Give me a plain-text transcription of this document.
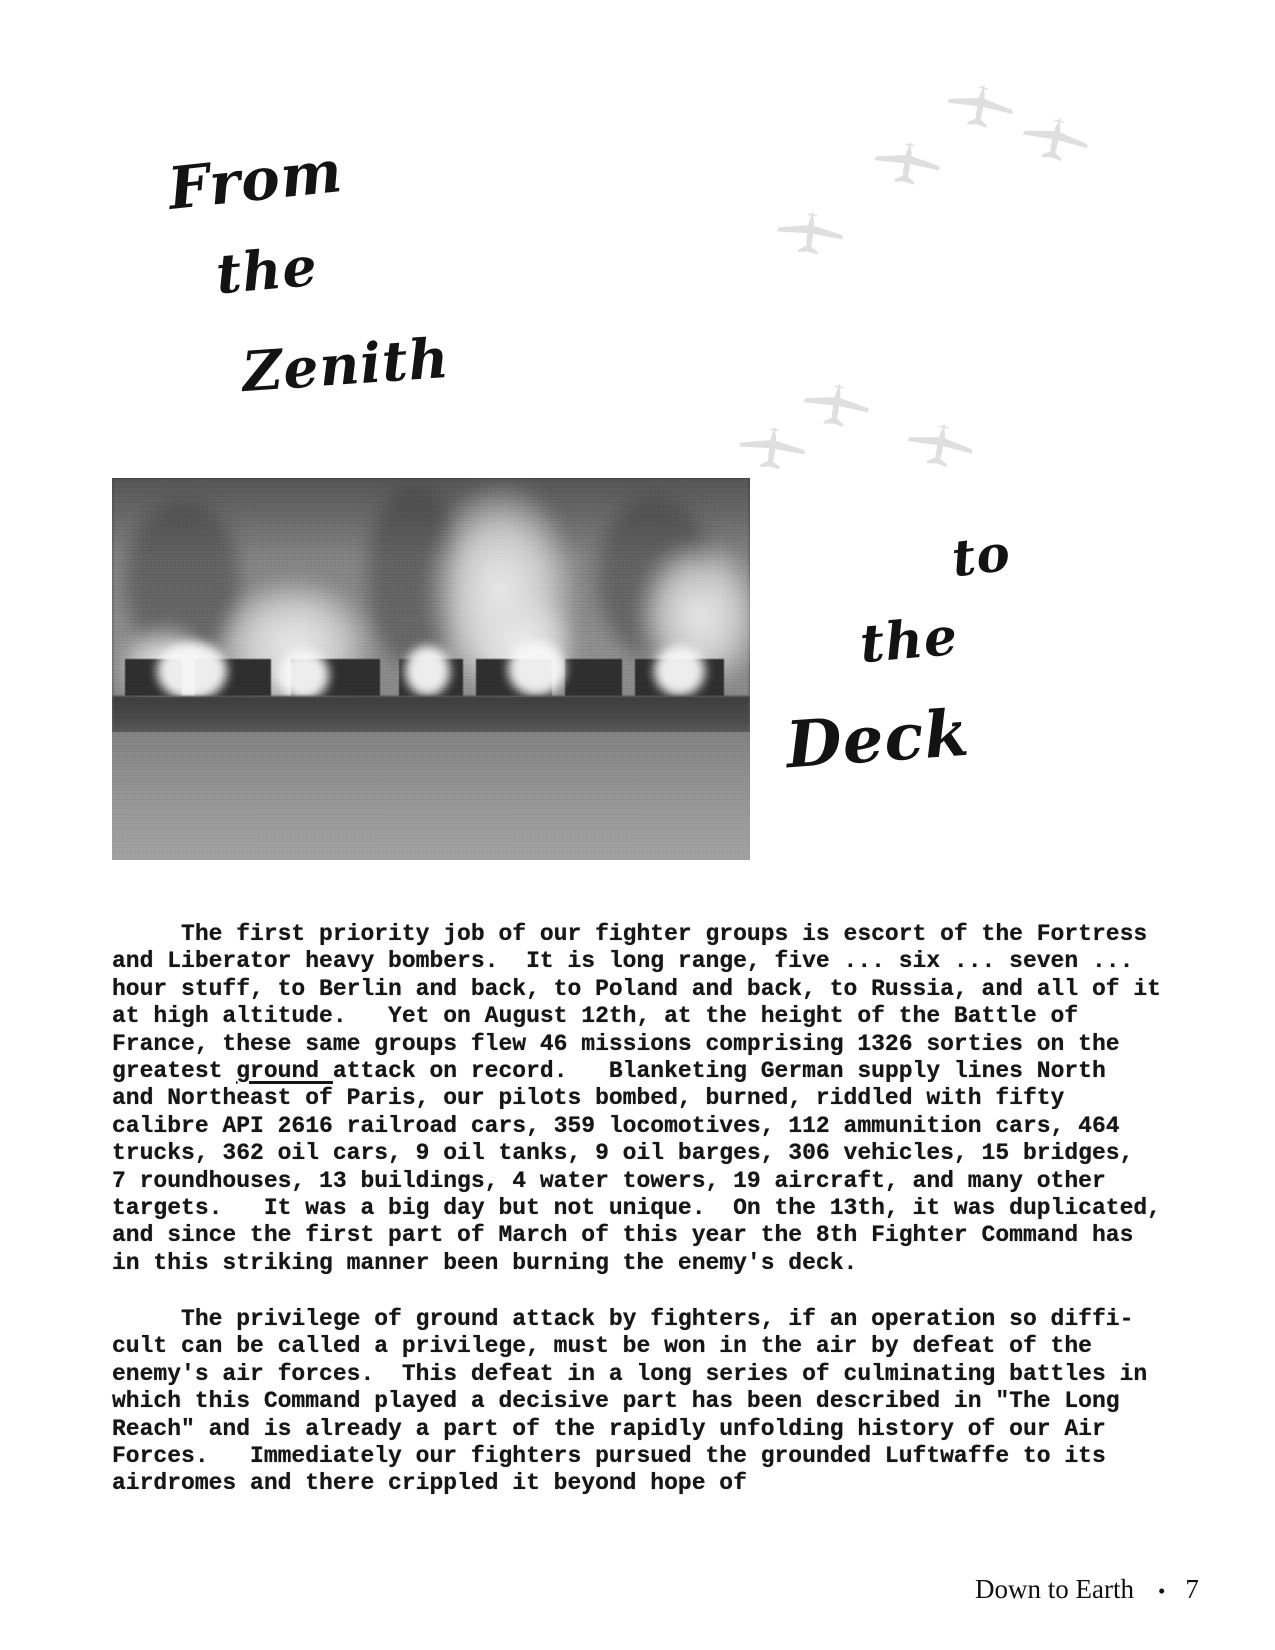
From
the
Zenith
to
the
Deck
The first priority job of our fighter groups is escort of the Fortress
and Liberator heavy bombers.  It is long range, five ... six ... seven ...
hour stuff, to Berlin and back, to Poland and back, to Russia, and all of it
at high altitude.   Yet on August 12th, at the height of the Battle of
France, these same groups flew 46 missions comprising 1326 sorties on the
greatest ground attack on record.   Blanketing German supply lines North
and Northeast of Paris, our pilots bombed, burned, riddled with fifty
calibre API 2616 railroad cars, 359 locomotives, 112 ammunition cars, 464
trucks, 362 oil cars, 9 oil tanks, 9 oil barges, 306 vehicles, 15 bridges,
7 roundhouses, 13 buildings, 4 water towers, 19 aircraft, and many other
targets.   It was a big day but not unique.  On the 13th, it was duplicated,
and since the first part of March of this year the 8th Fighter Command has
in this striking manner been burning the enemy's deck.
The privilege of ground attack by fighters, if an operation so diffi-
cult can be called a privilege, must be won in the air by defeat of the
enemy's air forces.  This defeat in a long series of culminating battles in
which this Command played a decisive part has been described in "The Long
Reach" and is already a part of the rapidly unfolding history of our Air
Forces.   Immediately our fighters pursued the grounded Luftwaffe to its
airdromes and there crippled it beyond hope of
Down to Earth • 7
